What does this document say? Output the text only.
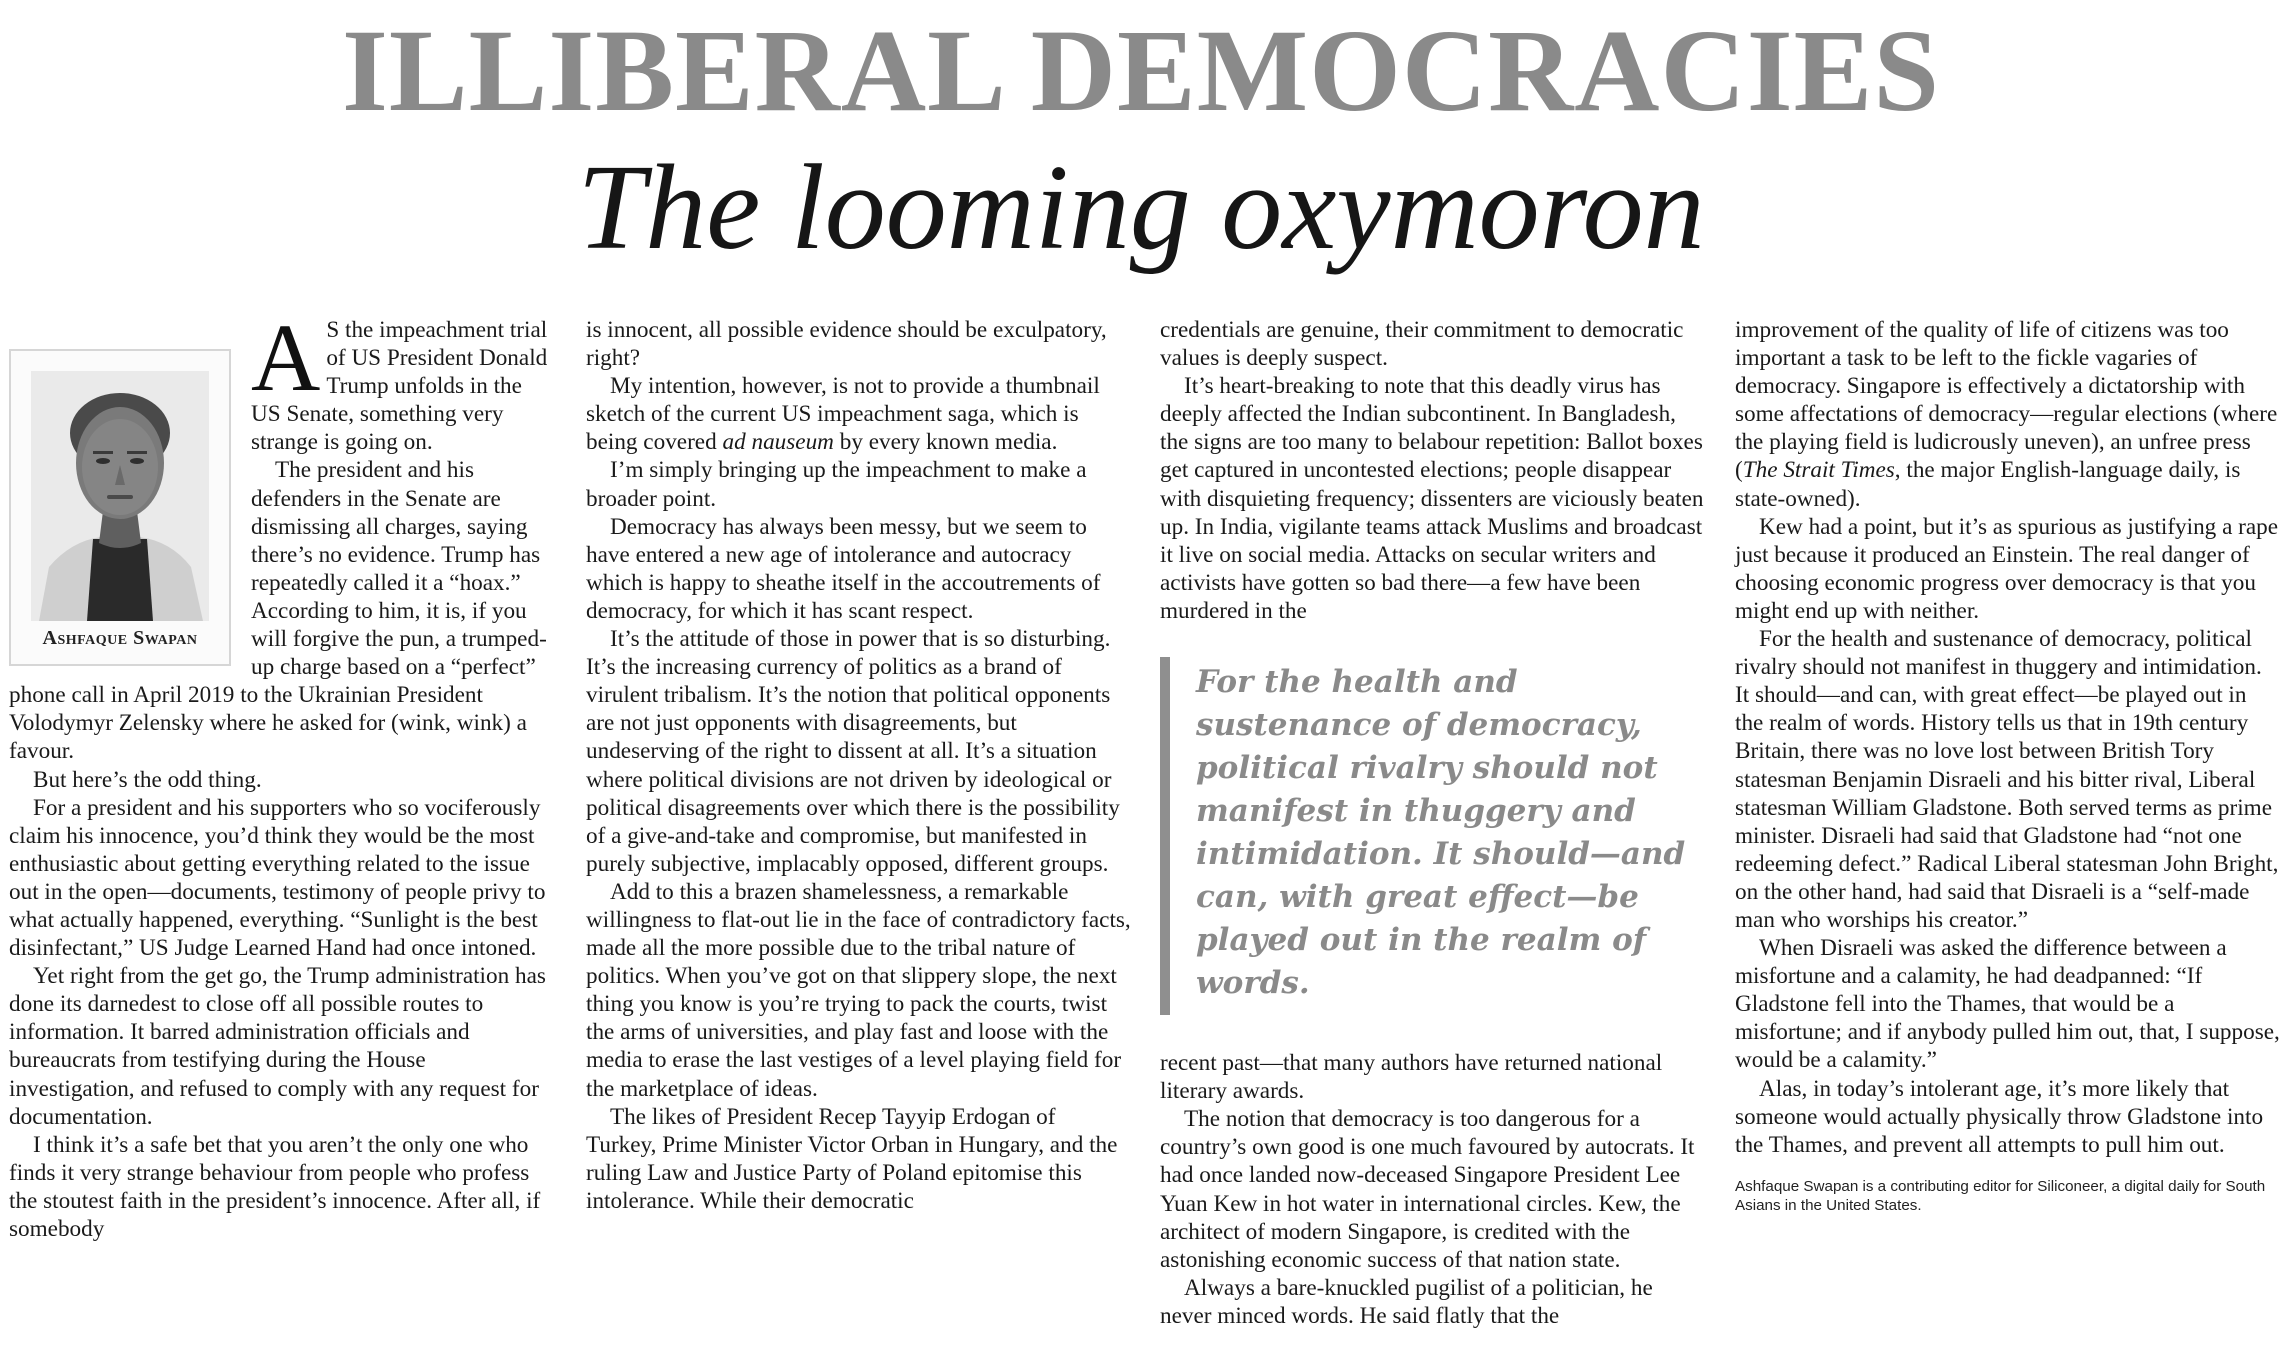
ILLIBERAL DEMOCRACIES
The looming oxymoron
Ashfaque Swapan
A S the impeachment trial of US President Donald Trump unfolds in the US Senate, something very strange is going on.

The president and his defenders in the Senate are dismissing all charges, saying there’s no evidence. Trump has repeatedly called it a “hoax.” According to him, it is, if you will forgive the pun, a trumped-up charge based on a “perfect” phone call in April 2019 to the Ukrainian President Volodymyr Zelensky where he asked for (wink, wink) a favour.

But here’s the odd thing.

For a president and his supporters who so vociferously claim his innocence, you’d think they would be the most enthusiastic about getting everything related to the issue out in the open—documents, testimony of people privy to what actually happened, everything. “Sunlight is the best disinfectant,” US Judge Learned Hand had once intoned.

Yet right from the get go, the Trump administration has done its darnedest to close off all possible routes to information. It barred administration officials and bureaucrats from testifying during the House investigation, and refused to comply with any request for documentation.

I think it’s a safe bet that you aren’t the only one who finds it very strange behaviour from people who profess the stoutest faith in the president’s innocence. After all, if somebody

is innocent, all possible evidence should be exculpatory, right?

My intention, however, is not to provide a thumbnail sketch of the current US impeachment saga, which is being covered ad nauseum by every known media.

I’m simply bringing up the impeachment to make a broader point.

Democracy has always been messy, but we seem to have entered a new age of intolerance and autocracy which is happy to sheathe itself in the accoutrements of democracy, for which it has scant respect.

It’s the attitude of those in power that is so disturbing. It’s the increasing currency of politics as a brand of virulent tribalism. It’s the notion that political opponents are not just opponents with disagreements, but undeserving of the right to dissent at all. It’s a situation where political divisions are not driven by ideological or political disagreements over which there is the possibility of a give-and-take and compromise, but manifested in purely subjective, implacably opposed, different groups.

Add to this a brazen shamelessness, a remarkable willingness to flat-out lie in the face of contradictory facts, made all the more possible due to the tribal nature of politics. When you’ve got on that slippery slope, the next thing you know is you’re trying to pack the courts, twist the arms of universities, and play fast and loose with the media to erase the last vestiges of a level playing field for the marketplace of ideas.

The likes of President Recep Tayyip Erdogan of Turkey, Prime Minister Victor Orban in Hungary, and the ruling Law and Justice Party of Poland epitomise this intolerance. While their democratic

credentials are genuine, their commitment to democratic values is deeply suspect.

It’s heart-breaking to note that this deadly virus has deeply affected the Indian subcontinent. In Bangladesh, the signs are too many to belabour repetition: Ballot boxes get captured in uncontested elections; people disappear with disquieting frequency; dissenters are viciously beaten up. In India, vigilante teams attack Muslims and broadcast it live on social media. Attacks on secular writers and activists have gotten so bad there—a few have been murdered in the

For the health and sustenance of democracy, political rivalry should not manifest in thuggery and intimidation. It should—and can, with great effect—be played out in the realm of words.

recent past—that many authors have returned national literary awards.

The notion that democracy is too dangerous for a country’s own good is one much favoured by autocrats. It had once landed now-deceased Singapore President Lee Yuan Kew in hot water in international circles. Kew, the architect of modern Singapore, is credited with the astonishing economic success of that nation state.

Always a bare-knuckled pugilist of a politician, he never minced words. He said flatly that the

improvement of the quality of life of citizens was too important a task to be left to the fickle vagaries of democracy. Singapore is effectively a dictatorship with some affectations of democracy—regular elections (where the playing field is ludicrously uneven), an unfree press (The Strait Times, the major English-language daily, is state-owned).

Kew had a point, but it’s as spurious as justifying a rape just because it produced an Einstein. The real danger of choosing economic progress over democracy is that you might end up with neither.

For the health and sustenance of democracy, political rivalry should not manifest in thuggery and intimidation. It should—and can, with great effect—be played out in the realm of words. History tells us that in 19th century Britain, there was no love lost between British Tory statesman Benjamin Disraeli and his bitter rival, Liberal statesman William Gladstone. Both served terms as prime minister. Disraeli had said that Gladstone had “not one redeeming defect.” Radical Liberal statesman John Bright, on the other hand, had said that Disraeli is a “self-made man who worships his creator.”

When Disraeli was asked the difference between a misfortune and a calamity, he had deadpanned: “If Gladstone fell into the Thames, that would be a misfortune; and if anybody pulled him out, that, I suppose, would be a calamity.”

Alas, in today’s intolerant age, it’s more likely that someone would actually physically throw Gladstone into the Thames, and prevent all attempts to pull him out.

Ashfaque Swapan is a contributing editor for Siliconeer, a digital daily for South Asians in the United States.
